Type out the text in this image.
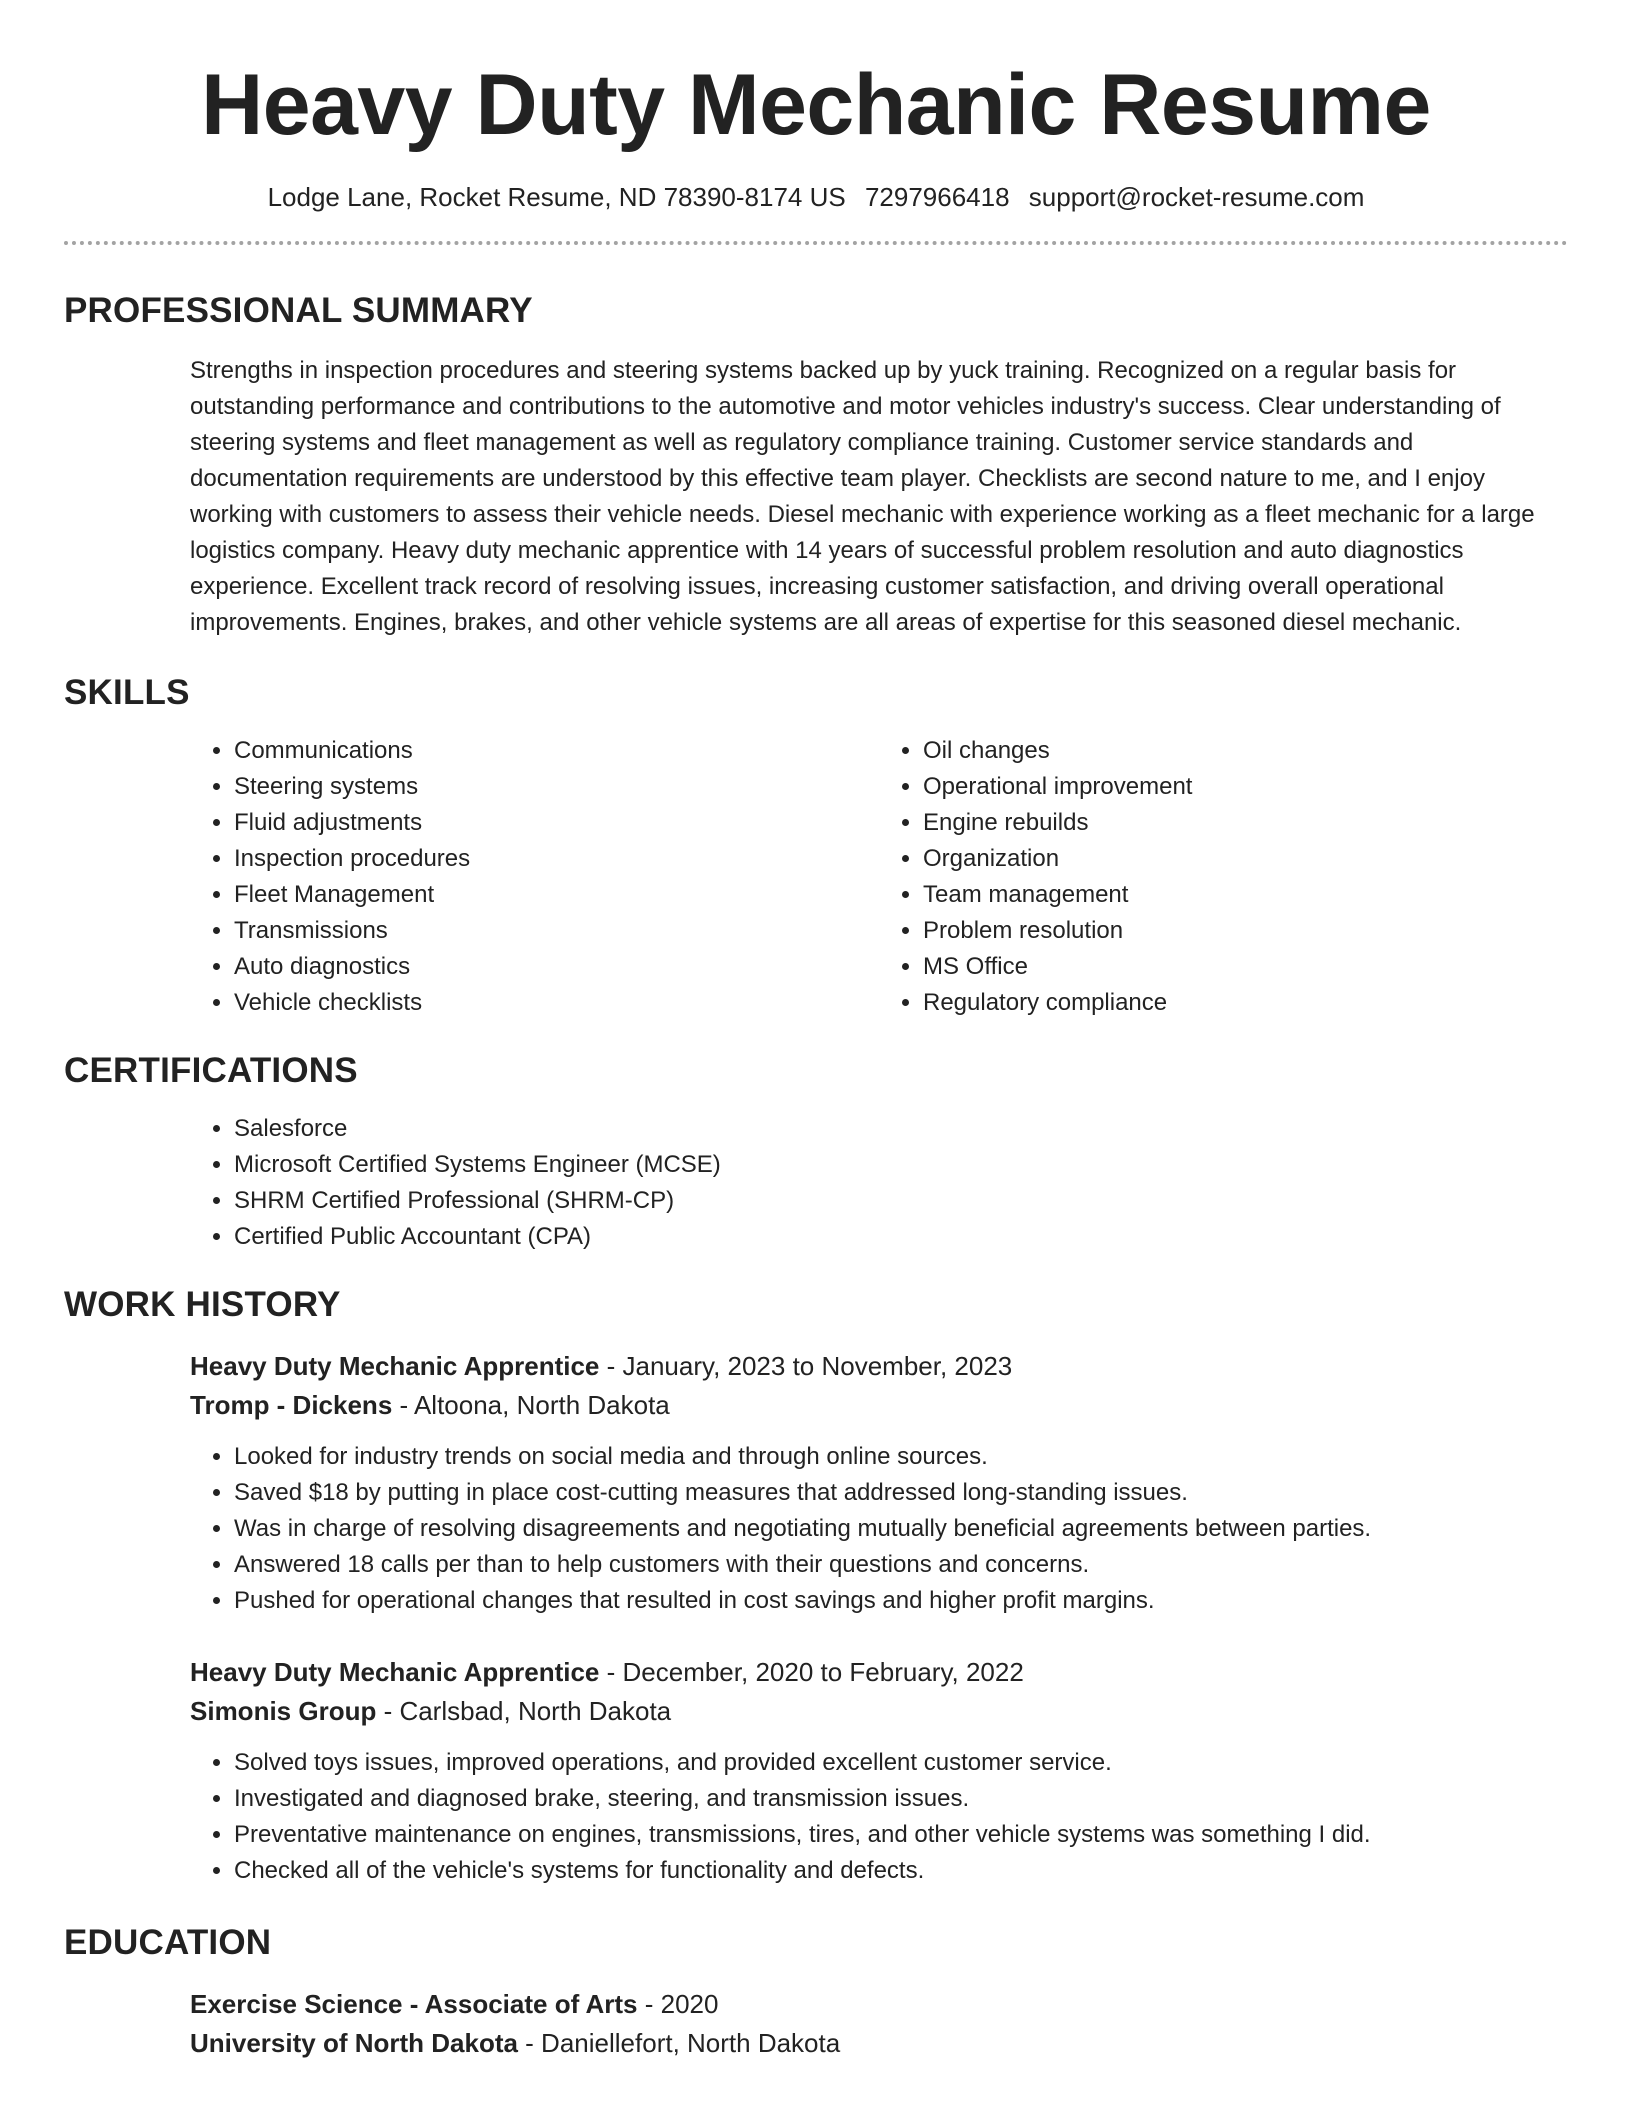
Heavy Duty Mechanic Resume
Lodge Lane, Rocket Resume, ND 78390-8174 US 7297966418 support@rocket-resume.com
PROFESSIONAL SUMMARY

Strengths in inspection procedures and steering systems backed up by yuck training. Recognized on a regular basis for outstanding performance and contributions to the automotive and motor vehicles industry's success. Clear understanding of steering systems and fleet management as well as regulatory compliance training. Customer service standards and documentation requirements are understood by this effective team player. Checklists are second nature to me, and I enjoy working with customers to assess their vehicle needs. Diesel mechanic with experience working as a fleet mechanic for a large logistics company. Heavy duty mechanic apprentice with 14 years of successful problem resolution and auto diagnostics experience. Excellent track record of resolving issues, increasing customer satisfaction, and driving overall operational improvements. Engines, brakes, and other vehicle systems are all areas of expertise for this seasoned diesel mechanic.

SKILLS
• Communications
• Steering systems
• Fluid adjustments
• Inspection procedures
• Fleet Management
• Transmissions
• Auto diagnostics
• Vehicle checklists
• Oil changes
• Operational improvement
• Engine rebuilds
• Organization
• Team management
• Problem resolution
• MS Office
• Regulatory compliance
CERTIFICATIONS
• Salesforce
• Microsoft Certified Systems Engineer (MCSE)
• SHRM Certified Professional (SHRM-CP)
• Certified Public Accountant (CPA)
WORK HISTORY

Heavy Duty Mechanic Apprentice - January, 2023 to November, 2023

Tromp - Dickens - Altoona, North Dakota

• Looked for industry trends on social media and through online sources.
• Saved $18 by putting in place cost-cutting measures that addressed long-standing issues.
• Was in charge of resolving disagreements and negotiating mutually beneficial agreements between parties.
• Answered 18 calls per than to help customers with their questions and concerns.
• Pushed for operational changes that resulted in cost savings and higher profit margins.

Heavy Duty Mechanic Apprentice - December, 2020 to February, 2022

Simonis Group - Carlsbad, North Dakota

• Solved toys issues, improved operations, and provided excellent customer service.
• Investigated and diagnosed brake, steering, and transmission issues.
• Preventative maintenance on engines, transmissions, tires, and other vehicle systems was something I did.
• Checked all of the vehicle's systems for functionality and defects.
EDUCATION

Exercise Science - Associate of Arts - 2020

University of North Dakota - Daniellefort, North Dakota
